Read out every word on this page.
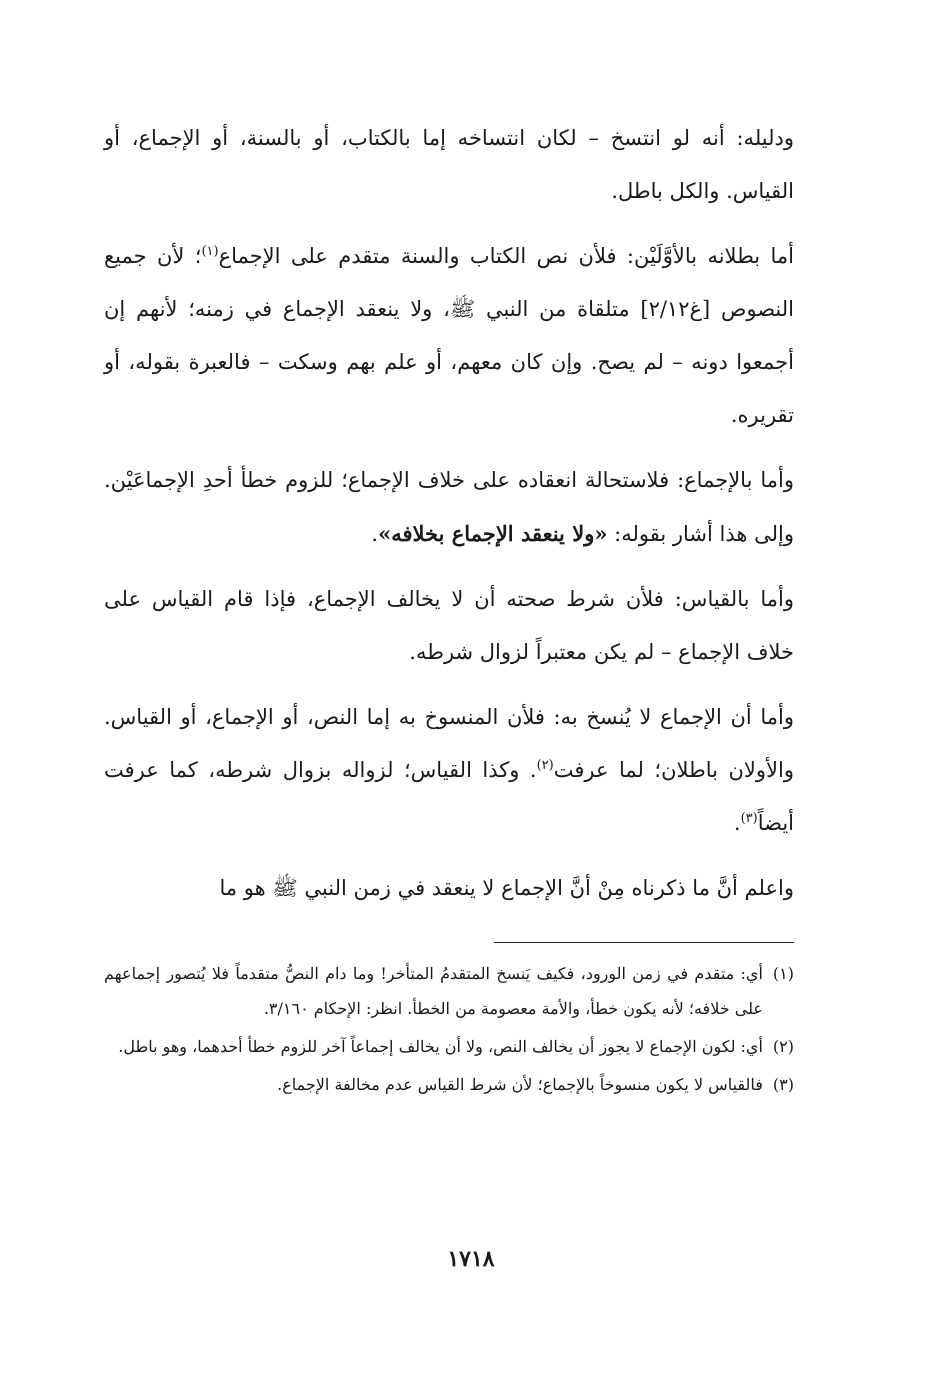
ودليله: أنه لو انتسخ – لكان انتساخه إما بالكتاب، أو بالسنة، أو الإجماع، أو القياس. والكل باطل.

أما بطلانه بالأوَّلَيْن: فلأن نص الكتاب والسنة متقدم على الإجماع$^{(١)}$؛ لأن جميع النصوص [غ٢/١٢] متلقاة من النبي ﷺ، ولا ينعقد الإجماع في زمنه؛ لأنهم إن أجمعوا دونه – لم يصح. وإن كان معهم، أو علم بهم وسكت – فالعبرة بقوله، أو تقريره.

وأما بالإجماع: فلاستحالة انعقاده على خلاف الإجماع؛ للزوم خطأ أحدِ الإجماعَيْن. وإلى هذا أشار بقوله: «ولا ينعقد الإجماع بخلافه».

وأما بالقياس: فلأن شرط صحته أن لا يخالف الإجماع، فإذا قام القياس على خلاف الإجماع – لم يكن معتبراً لزوال شرطه.

وأما أن الإجماع لا يُنسخ به: فلأن المنسوخ به إما النص، أو الإجماع، أو القياس. والأولان باطلان؛ لما عرفت$^{(٢)}$. وكذا القياس؛ لزواله بزوال شرطه، كما عرفت أيضاً$^{(٣)}$.

واعلم أنَّ ما ذكرناه مِنْ أنَّ الإجماع لا ينعقد في زمن النبي ﷺ هو ما

(١)
أي: متقدم في زمن الورود، فكيف يَنسخ المتقدمُ المتأخر! وما دام النصُّ متقدماً فلا يُتصور إجماعهم على خلافه؛ لأنه يكون خطأ، والأمة معصومة من الخطأ. انظر: الإحكام ٣/١٦٠.
(٢)
أي: لكون الإجماع لا يجوز أن يخالف النص، ولا أن يخالف إجماعاً آخر للزوم خطأ أحدهما، وهو باطل.
(٣)
فالقياس لا يكون منسوخاً بالإجماع؛ لأن شرط القياس عدم مخالفة الإجماع.
١٧١٨
